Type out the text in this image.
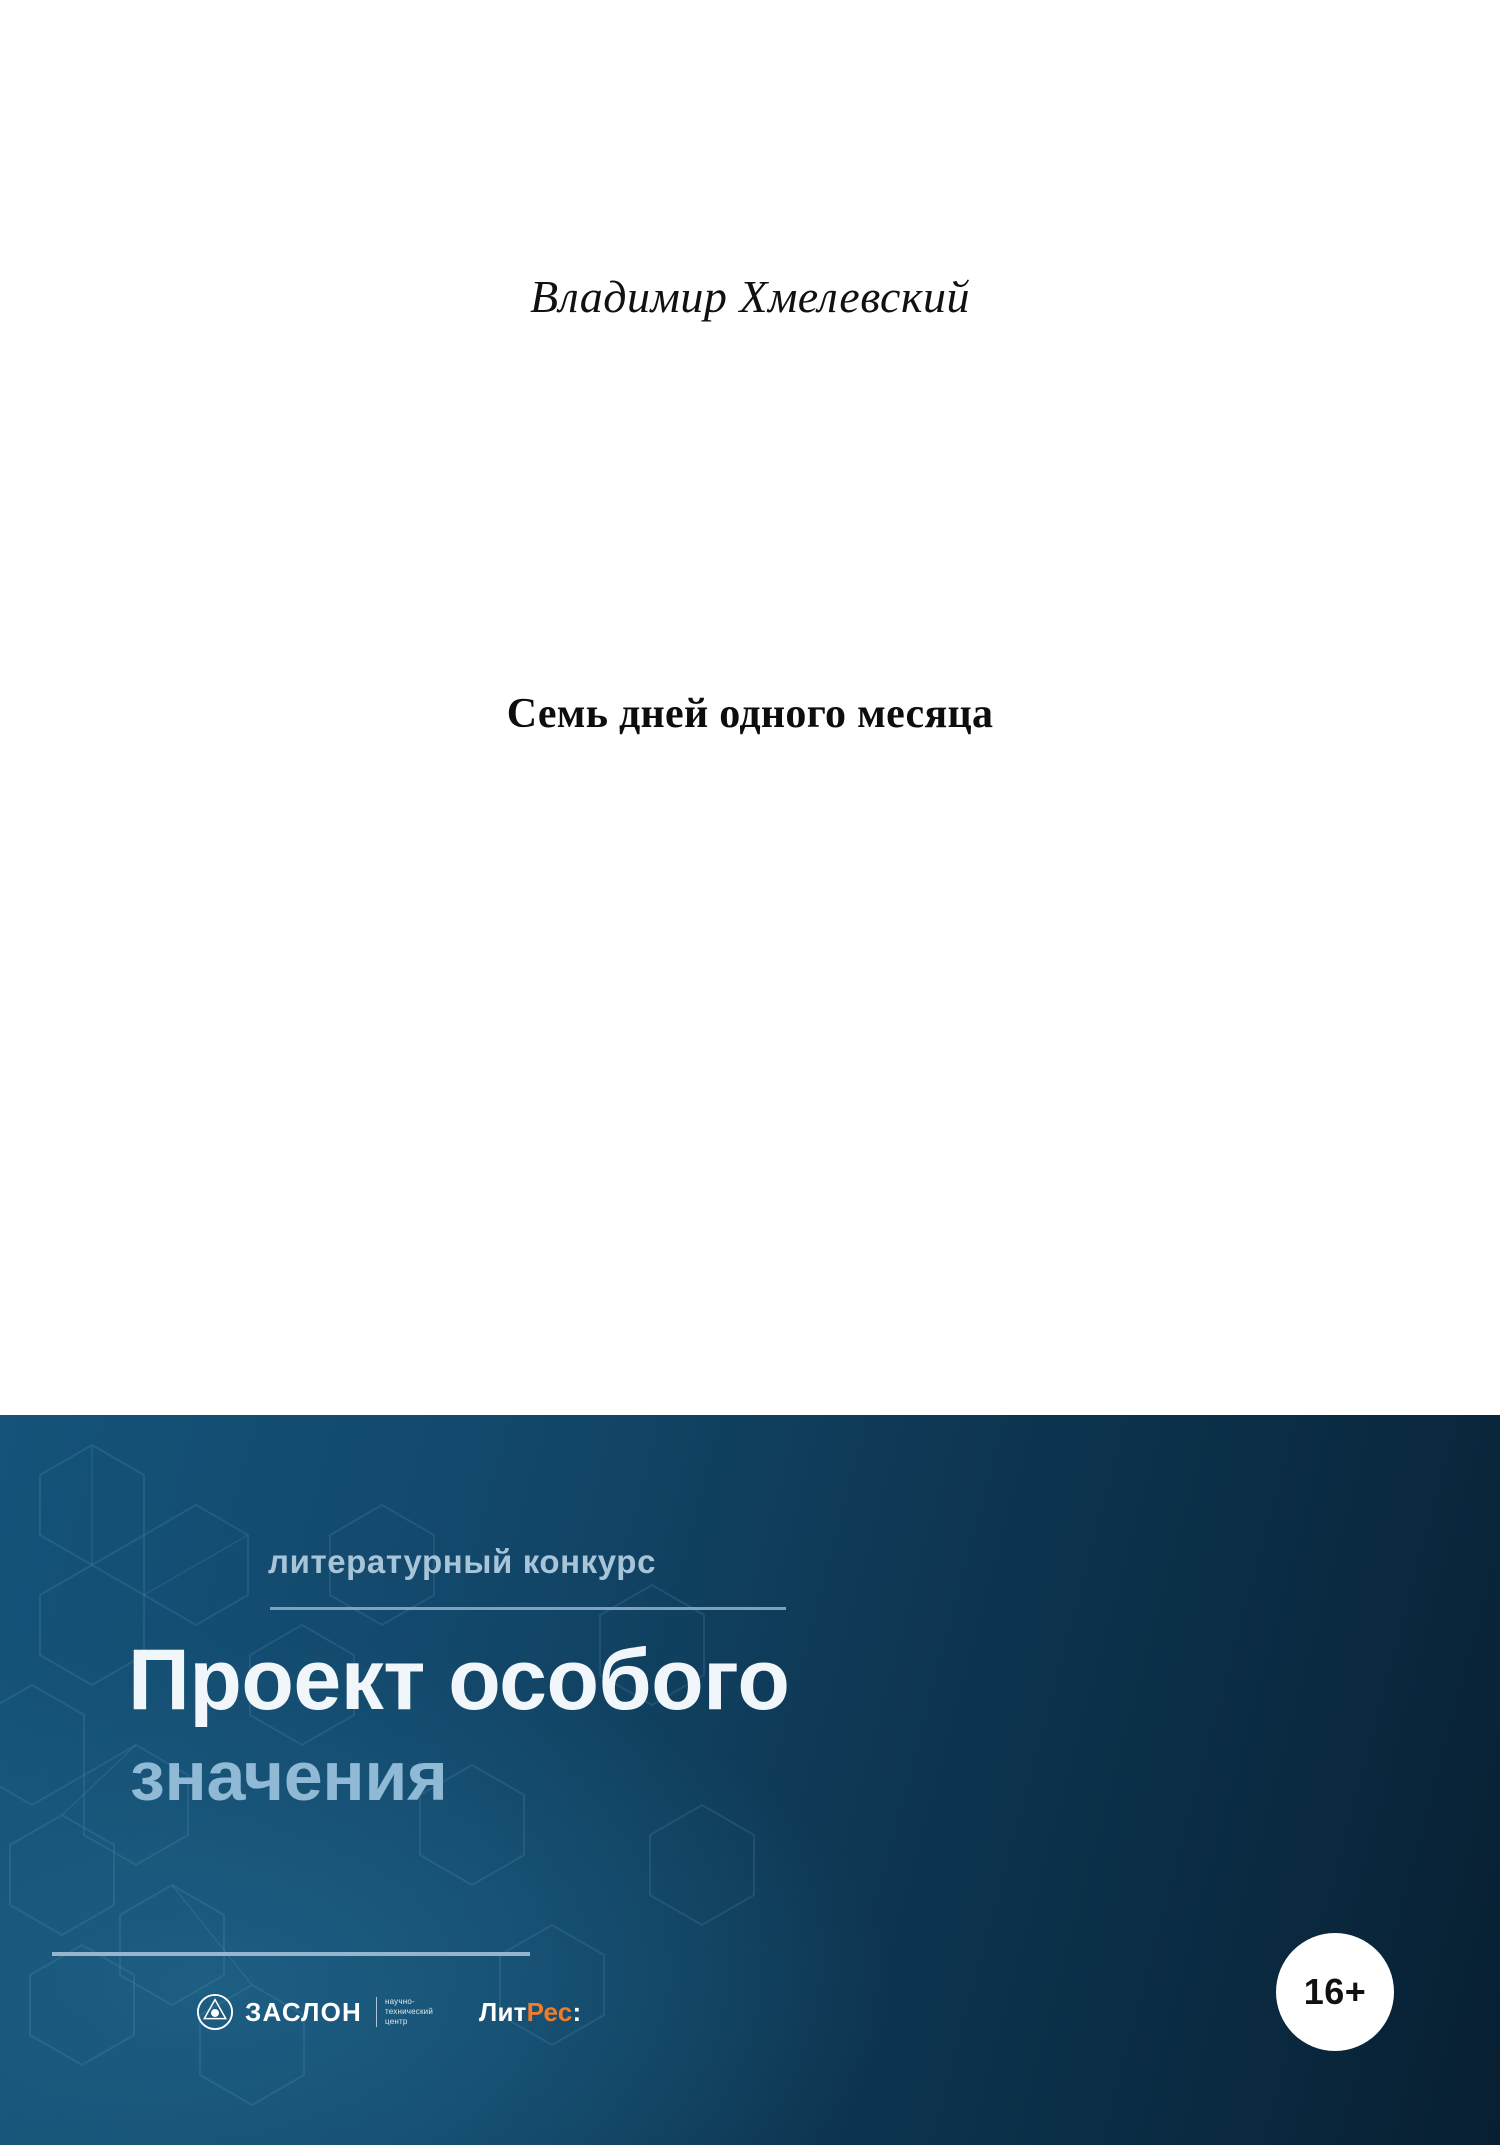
Владимир Хмелевский
Семь дней одного месяца
литературный конкурс
Проект особого
значения
ЗАСЛОН	научно-
технический
центр	ЛитРес:	16+
